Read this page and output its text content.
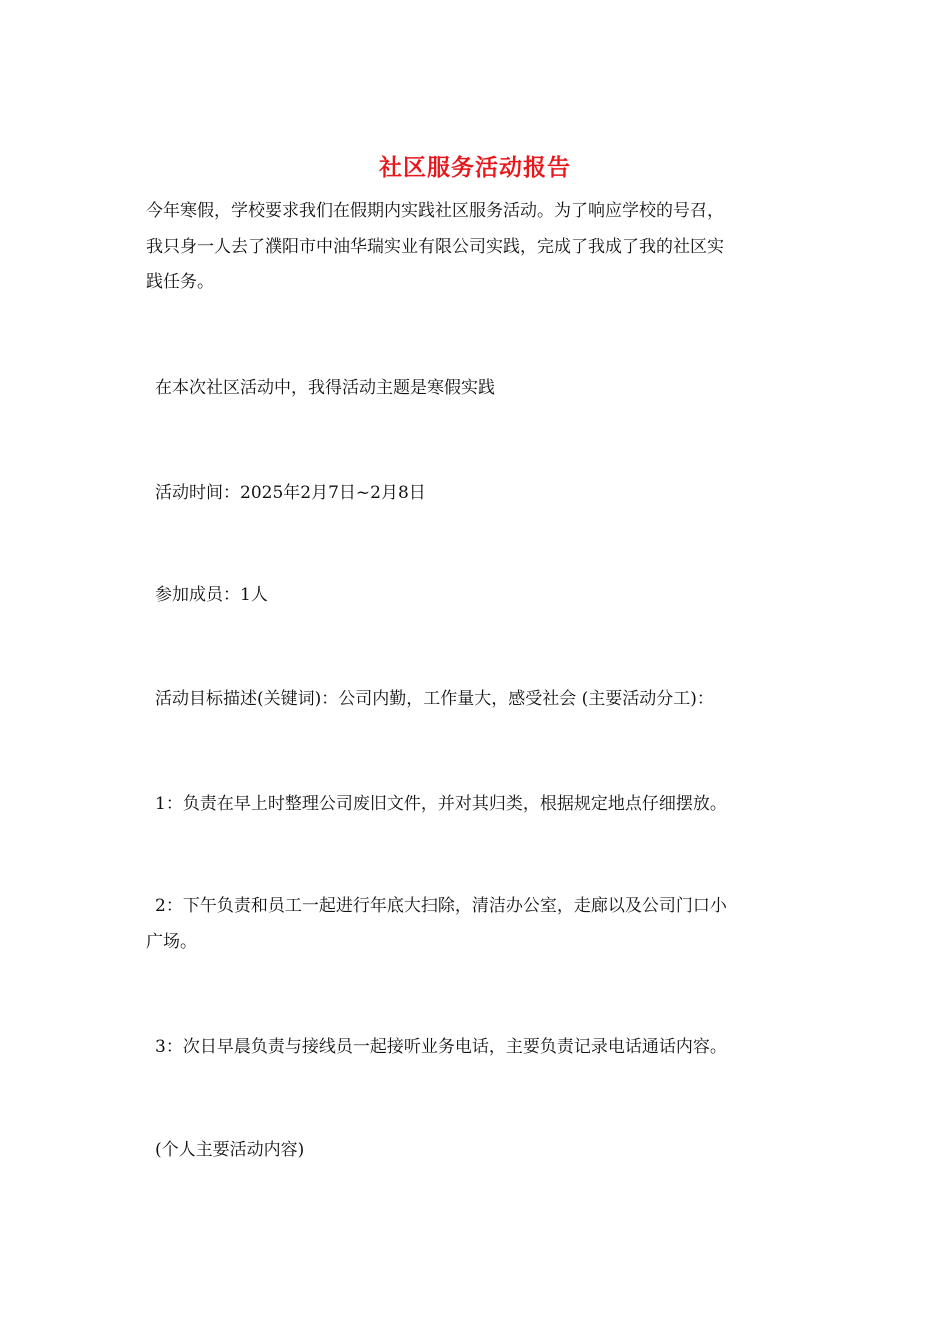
社区服务活动报告
今年寒假，学校要求我们在假期内实践社区服务活动。为了响应学校的号召，
我只身一人去了濮阳市中油华瑞实业有限公司实践，完成了我成了我的社区实
践任务。
在本次社区活动中，我得活动主题是寒假实践
活动时间：2025年2月7日~2月8日
参加成员：1人
活动目标描述(关键词)：公司内勤，工作量大，感受社会 (主要活动分工)：
1：负责在早上时整理公司废旧文件，并对其归类，根据规定地点仔细摆放。
2：下午负责和员工一起进行年底大扫除，清洁办公室，走廊以及公司门口小
广场。
3：次日早晨负责与接线员一起接听业务电话，主要负责记录电话通话内容。
(个人主要活动内容)
